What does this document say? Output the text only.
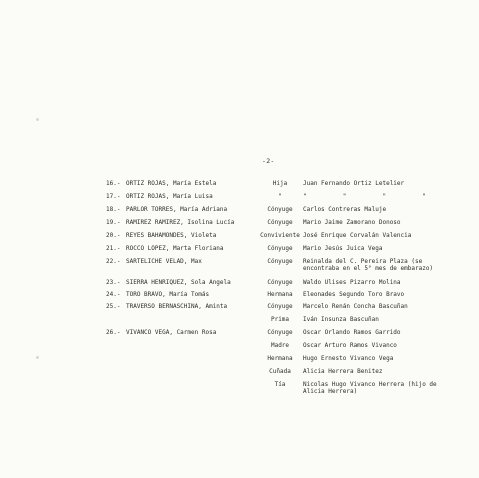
-2-
16.- ORTIZ ROJAS, María Estela	Hija	Juan Fernando Ortiz Letelier
17.- ORTIZ ROJAS, María Luisa	"	"          "          "          "
18.- PARLOR TORRES, María Adriana	Cónyuge	Carlos Contreras Maluje
19.- RAMIREZ RAMIREZ, Isolina Lucía	Cónyuge	Mario Jaime Zamorano Donoso
20.- REYES BAHAMONDES, Violeta	Conviviente José Enrique Corvalán Valencia
21.- ROCCO LOPEZ, Marta Floriana	Cónyuge	Mario Jesús Juica Vega
22.- SARTELICHE VELAD, Max	Cónyuge	Reinalda del C. Pereira Plaza (se encontraba en el 5° mes de embarazo)
23.- SIERRA HENRIQUEZ, Sola Angela	Cónyuge	Waldo Ulises Pizarro Molina
24.- TORO BRAVO, María Tomás	Hermana	Eleonades Segundo Toro Bravo
25.- TRAVERSO BERNASCHINA, Aminta	Cónyuge	Marcelo Renán Concha Bascuñan
Prima	Iván Insunza Bascuñan
26.- VIVANCO VEGA, Carmen Rosa	Cónyuge	Oscar Orlando Ramos Garrido
Madre	Oscar Arturo Ramos Vivanco
Hermana	Hugo Ernesto Vivanco Vega
Cuñada	Alicia Herrera Benitez
Tía	Nicolas Hugo Vivanco Herrera (hijo de Alicia Herrera)
